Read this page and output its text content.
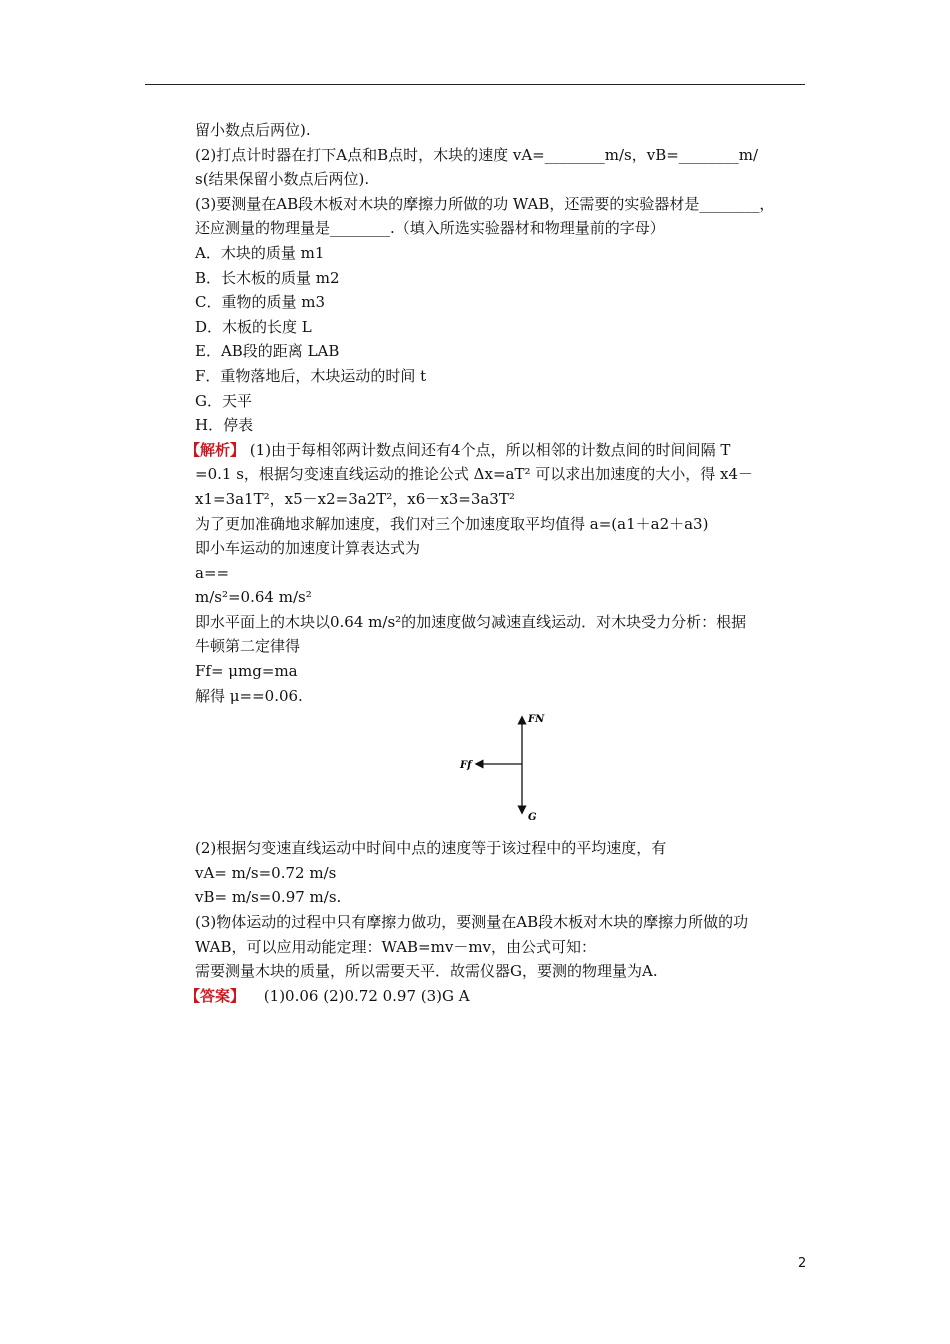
留小数点后两位).
(2)打点计时器在打下A点和B点时，木块的速度 vA=________m/s，vB=________m/
s(结果保留小数点后两位).
(3)要测量在AB段木板对木块的摩擦力所做的功 WAB，还需要的实验器材是________，
还应测量的物理量是________.（填入所选实验器材和物理量前的字母）
A．木块的质量 m1
B．长木板的质量 m2
C．重物的质量 m3
D．木板的长度 L
E．AB段的距离 LAB
F．重物落地后，木块运动的时间 t
G．天平
H．停表
【解析】 (1)由于每相邻两计数点间还有4个点，所以相邻的计数点间的时间间隔 T
=0.1 s，根据匀变速直线运动的推论公式 Δx=aT² 可以求出加速度的大小，得 x4－
x1=3a1T²，x5－x2=3a2T²，x6－x3=3a3T²
为了更加准确地求解加速度，我们对三个加速度取平均值得 a=(a1＋a2＋a3)
即小车运动的加速度计算表达式为
a==
m/s²=0.64 m/s²
即水平面上的木块以0.64 m/s²的加速度做匀减速直线运动．对木块受力分析：根据
牛顿第二定律得
Ff= μmg=ma
解得 μ==0.06.
FN
Ff
G
(2)根据匀变速直线运动中时间中点的速度等于该过程中的平均速度，有
vA= m/s=0.72 m/s
vB= m/s=0.97 m/s.
(3)物体运动的过程中只有摩擦力做功，要测量在AB段木板对木块的摩擦力所做的功
WAB，可以应用动能定理：WAB=mv－mv，由公式可知：
需要测量木块的质量，所以需要天平．故需仪器G，要测的物理量为A.
【答案】 (1)0.06 (2)0.72 0.97 (3)G A
2
